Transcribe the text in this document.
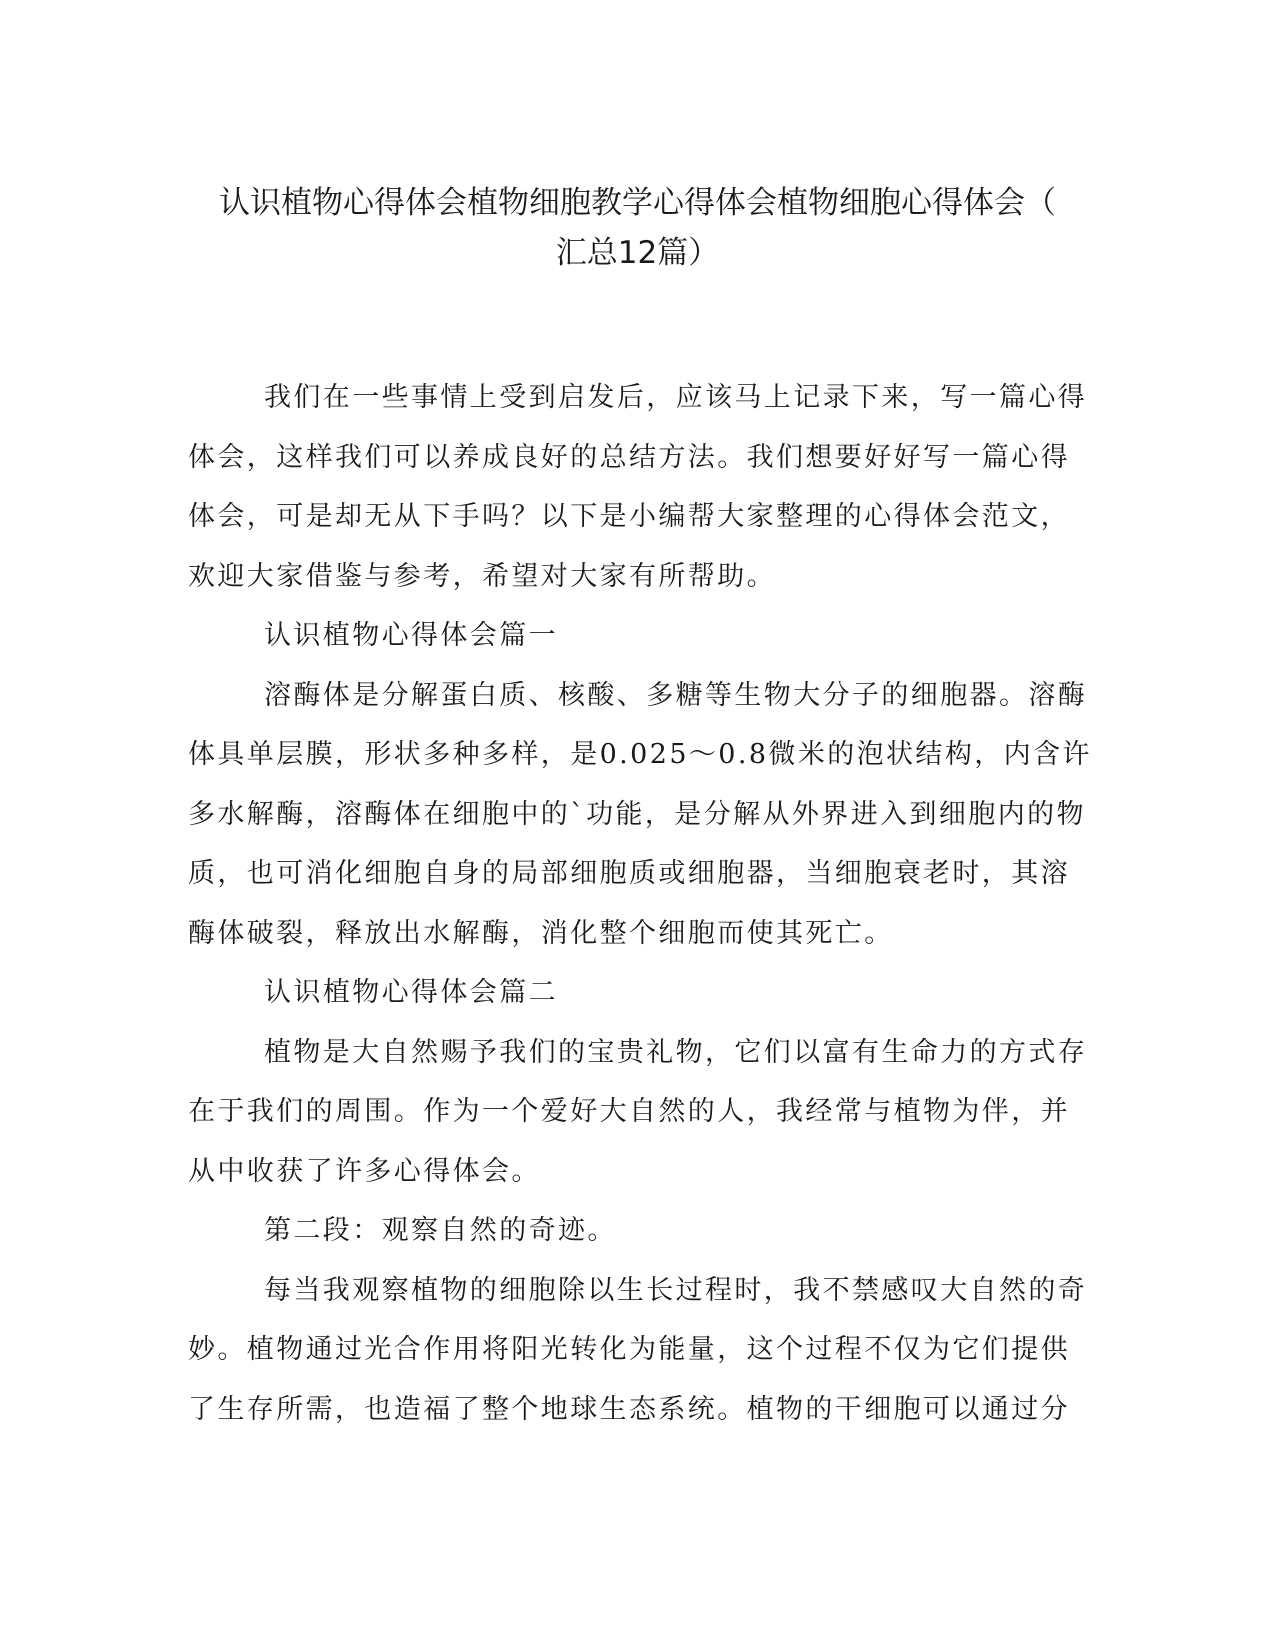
认识植物心得体会植物细胞教学心得体会植物细胞心得体会（
汇总12篇）
我们在一些事情上受到启发后，应该马上记录下来，写一篇心得
体会，这样我们可以养成良好的总结方法。我们想要好好写一篇心得
体会，可是却无从下手吗？以下是小编帮大家整理的心得体会范文，
欢迎大家借鉴与参考，希望对大家有所帮助。
认识植物心得体会篇一
溶酶体是分解蛋白质、核酸、多糖等生物大分子的细胞器。溶酶
体具单层膜，形状多种多样，是0.025～0.8微米的泡状结构，内含许
多水解酶，溶酶体在细胞中的`功能，是分解从外界进入到细胞内的物
质，也可消化细胞自身的局部细胞质或细胞器，当细胞衰老时，其溶
酶体破裂，释放出水解酶，消化整个细胞而使其死亡。
认识植物心得体会篇二
植物是大自然赐予我们的宝贵礼物，它们以富有生命力的方式存
在于我们的周围。作为一个爱好大自然的人，我经常与植物为伴，并
从中收获了许多心得体会。
第二段：观察自然的奇迹。
每当我观察植物的细胞除以生长过程时，我不禁感叹大自然的奇
妙。植物通过光合作用将阳光转化为能量，这个过程不仅为它们提供
了生存所需，也造福了整个地球生态系统。植物的干细胞可以通过分
